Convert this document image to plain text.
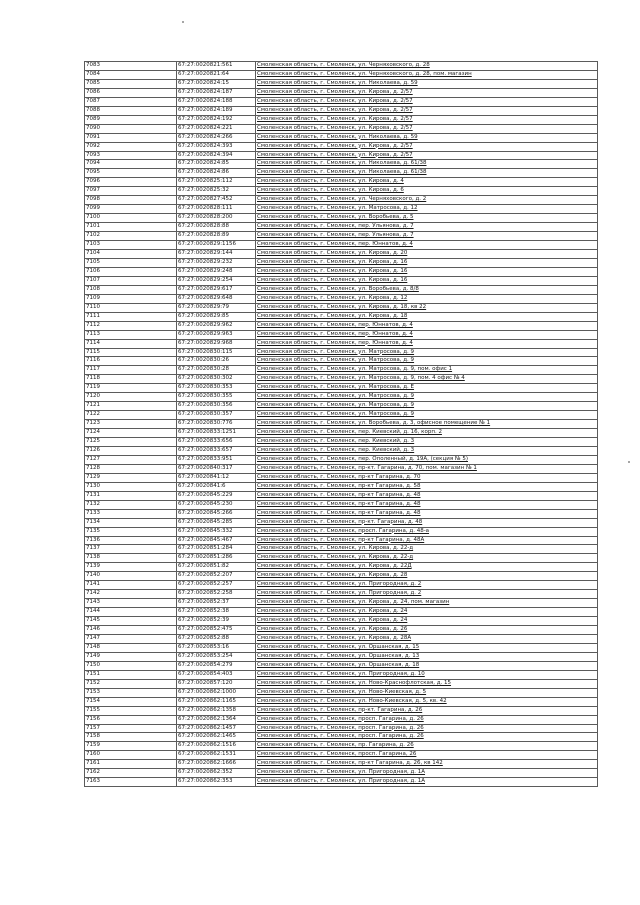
7083	67:27:0020821:561	Смоленская область, г. Смоленск, ул. Черняховского, д. 28
7084	67:27:0020821:64	Смоленская область, г. Смоленск, ул. Черняховского, д. 28, пом. магазин
7085	67:27:0020824:15	Смоленская область, г. Смоленск, ул. Николаева, д. 59
7086	67:27:0020824:187	Смоленская область, г. Смоленск, ул. Кирова, д. 2/57
7087	67:27:0020824:188	Смоленская область, г. Смоленск, ул. Кирова, д. 2/57
7088	67:27:0020824:189	Смоленская область, г. Смоленск, ул. Кирова, д. 2/57
7089	67:27:0020824:192	Смоленская область, г. Смоленск, ул. Кирова, д. 2/57
7090	67:27:0020824:221	Смоленская область, г. Смоленск, ул. Кирова, д. 2/57
7091	67:27:0020824:266	Смоленская область, г. Смоленск, ул. Николаева, д. 59
7092	67:27:0020824:393	Смоленская область, г. Смоленск, ул. Кирова, д. 2/57
7093	67:27:0020824:394	Смоленская область, г. Смоленск, ул. Кирова, д. 2/57
7094	67:27:0020824:85	Смоленская область, г. Смоленск, ул. Николаева, д. 61/38
7095	67:27:0020824:86	Смоленская область, г. Смоленск, ул. Николаева, д. 61/38
7096	67:27:0020825:112	Смоленская область, г. Смоленск, ул. Кирова, д. 4
7097	67:27:0020825:32	Смоленская область, г. Смоленск, ул. Кирова, д. 6
7098	67:27:0020827:452	Смоленская область, г. Смоленск, ул. Черняховского, д. 2
7099	67:27:0020828:111	Смоленская область, г. Смоленск, ул. Матросова, д. 12
7100	67:27:0020828:200	Смоленская область, г. Смоленск, ул. Воробьева, д. 5
7101	67:27:0020828:88	Смоленская область, г. Смоленск, пер. Ульянова, д. 7
7102	67:27:0020828:89	Смоленская область, г. Смоленск, пер. Ульянова, д. 7
7103	67:27:0020829:1156	Смоленская область, г. Смоленск, пер. Юннатов, д. 4
7104	67:27:0020829:144	Смоленская область, г. Смоленск, ул. Кирова, д. 20
7105	67:27:0020829:232	Смоленская область, г. Смоленск, ул. Кирова, д. 16
7106	67:27:0020829:248	Смоленская область, г. Смоленск, ул. Кирова, д. 16
7107	67:27:0020829:254	Смоленская область, г. Смоленск, ул. Кирова, д. 16
7108	67:27:0020829:617	Смоленская область, г. Смоленск, ул. Воробьева, д. 8/8
7109	67:27:0020829:648	Смоленская область, г. Смоленск, ул. Кирова, д. 12
7110	67:27:0020829:79	Смоленская область, г. Смоленск, ул. Кирова, д. 18, кв 22
7111	67:27:0020829:85	Смоленская область, г. Смоленск, ул. Кирова, д. 18
7112	67:27:0020829:962	Смоленская область, г. Смоленск, пер. Юннатов, д. 4
7113	67:27:0020829:963	Смоленская область, г. Смоленск, пер. Юннатов, д. 4
7114	67:27:0020829:968	Смоленская область, г. Смоленск, пер. Юннатов, д. 4
7115	67:27:0020830:115	Смоленская область, г. Смоленск, ул. Матросова, д. 9
7116	67:27:0020830:26	Смоленская область, г. Смоленск, ул. Матросова, д. 9
7117	67:27:0020830:28	Смоленская область, г. Смоленск, ул. Матросова, д. 9, пом. офис 1
7118	67:27:0020830:302	Смоленская область, г. Смоленск, ул. Матросова, д. 9, пом. 4 офис № 4
7119	67:27:0020830:353	Смоленская область, г. Смоленск, ул. Матросова, д. Е
7120	67:27:0020830:355	Смоленская область, г. Смоленск, ул. Матросова, д. 9
7121	67:27:0020830:356	Смоленская область, г. Смоленск, ул. Матросова, д. 9
7122	67:27:0020830:357	Смоленская область, г. Смоленск, ул. Матросова, д. 9
7123	67:27:0020830:776	Смоленская область, г. Смоленск, ул. Воробьева, д. 3, офисное помещение № 1
7124	67:27:0020833:1251	Смоленская область, г. Смоленск, пер. Киевский, д. 16, корп. 2
7125	67:27:0020833:656	Смоленская область, г. Смоленск, пер. Киевский, д. 3
7126	67:27:0020833:657	Смоленская область, г. Смоленск, пер. Киевский, д. 3
7127	67:27:0020833:951	Смоленская область, г. Смоленск, пер. Ополенный, д. 19А, (секция № 5)
7128	67:27:0020840:317	Смоленская область, г. Смоленск, пр-кт. Гагарина, д. 70, пом. магазин № 1
7129	67:27:0020841:12	Смоленская область, г. Смоленск, пр-кт Гагарина, д. 70
7130	67:27:0020841:6	Смоленская область, г. Смоленск, пр-кт Гагарина, д. 58
7131	67:27:0020845:229	Смоленская область, г. Смоленск, пр-кт Гагарина, д. 48
7132	67:27:0020845:230	Смоленская область, г. Смоленск, пр-кт Гагарина, д. 48
7133	67:27:0020845:266	Смоленская область, г. Смоленск, пр-кт Гагарина, д. 48
7134	67:27:0020845:285	Смоленская область, г. Смоленск, пр-кт. Гагарина, д. 48
7135	67:27:0020845:332	Смоленская область, г. Смоленск, просп. Гагарина, д. 48-а
7136	67:27:0020845:467	Смоленская область, г. Смоленск, пр-кт Гагарина, д. 48А
7137	67:27:0020851:284	Смоленская область, г. Смоленск, ул. Кирова, д. 22-д
7138	67:27:0020851:286	Смоленская область, г. Смоленск, ул. Кирова, д. 22-д
7139	67:27:0020851:82	Смоленская область, г. Смоленск, ул. Кирова, д. 22Д
7140	67:27:0020852:207	Смоленская область, г. Смоленск, ул. Кирова, д. 28
7141	67:27:0020852:257	Смоленская область, г. Смоленск, ул. Пригородная, д. 2
7142	67:27:0020852:258	Смоленская область, г. Смоленск, ул. Пригородная, д. 2
7143	67:27:0020852:37	Смоленская область, г. Смоленск, ул. Кирова, д. 24, пом. магазин
7144	67:27:0020852:38	Смоленская область, г. Смоленск, ул. Кирова, д. 24
7145	67:27:0020852:39	Смоленская область, г. Смоленск, ул. Кирова, д. 24
7146	67:27:0020852:475	Смоленская область, г. Смоленск, ул. Кирова, д. 26
7147	67:27:0020852:88	Смоленская область, г. Смоленск, ул. Кирова, д. 28А
7148	67:27:0020853:16	Смоленская область, г. Смоленск, ул. Оршанская, д. 15
7149	67:27:0020853:254	Смоленская область, г. Смоленск, ул. Оршанская, д. 13
7150	67:27:0020854:279	Смоленская область, г. Смоленск, ул. Оршанская, д. 18
7151	67:27:0020854:403	Смоленская область, г. Смоленск, ул. Пригородная, д. 10
7152	67:27:0020857:120	Смоленская область, г. Смоленск, ул. Ново-Краснофлотская, д. 15
7153	67:27:0020862:1000	Смоленская область, г. Смоленск, ул. Ново-Киевская, д. 5
7154	67:27:0020862:1165	Смоленская область, г. Смоленск, ул. Ново-Киевская, д. 5, кв. 42
7155	67:27:0020862:1358	Смоленская область, г. Смоленск, пр-кт. Гагарина, д. 26
7156	67:27:0020862:1364	Смоленская область, г. Смоленск, просп. Гагарина, д. 26
7157	67:27:0020862:1457	Смоленская область, г. Смоленск, просп. Гагарина, д. 26
7158	67:27:0020862:1465	Смоленская область, г. Смоленск, просп. Гагарина, д. 26
7159	67:27:0020862:1516	Смоленская область, г. Смоленск, пр. Гагарина, д. 26
7160	67:27:0020862:1531	Смоленская область, г. Смоленск, просп. Гагарина, 26
7161	67:27:0020862:1666	Смоленская область, г. Смоленск, пр-кт Гагарина, д. 26, кв 142
7162	67:27:0020862:352	Смоленская область, г. Смоленск, ул. Пригородная, д. 1А
7163	67:27:0020862:353	Смоленская область, г. Смоленск, ул. Пригородная, д. 1А
